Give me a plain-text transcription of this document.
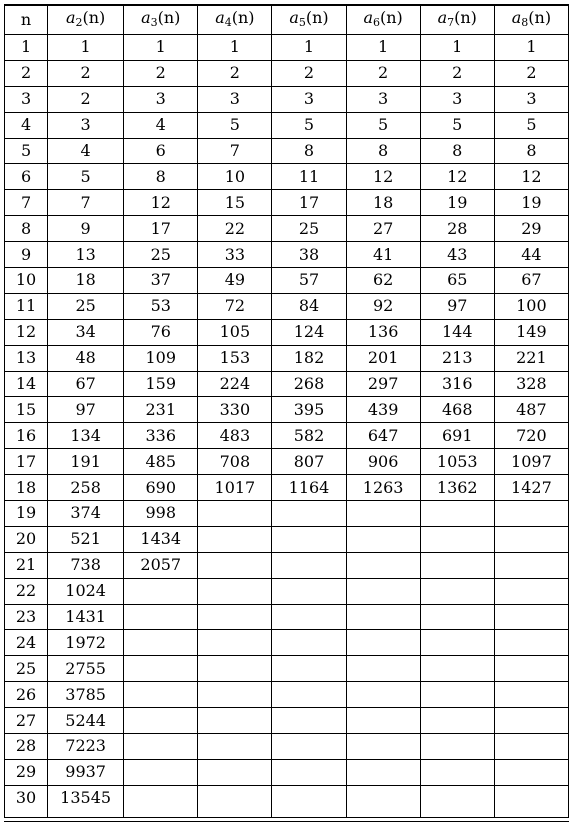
n	a2(n)	a3(n)	a4(n)	a5(n)	a6(n)	a7(n)	a8(n)
1	1	1	1	1	1	1	1
2	2	2	2	2	2	2	2
3	2	3	3	3	3	3	3
4	3	4	5	5	5	5	5
5	4	6	7	8	8	8	8
6	5	8	10	11	12	12	12
7	7	12	15	17	18	19	19
8	9	17	22	25	27	28	29
9	13	25	33	38	41	43	44
10	18	37	49	57	62	65	67
11	25	53	72	84	92	97	100
12	34	76	105	124	136	144	149
13	48	109	153	182	201	213	221
14	67	159	224	268	297	316	328
15	97	231	330	395	439	468	487
16	134	336	483	582	647	691	720
17	191	485	708	807	906	1053	1097
18	258	690	1017	1164	1263	1362	1427
19	374	998					
20	521	1434					
21	738	2057					
22	1024						
23	1431						
24	1972						
25	2755						
26	3785						
27	5244						
28	7223						
29	9937						
30	13545						
